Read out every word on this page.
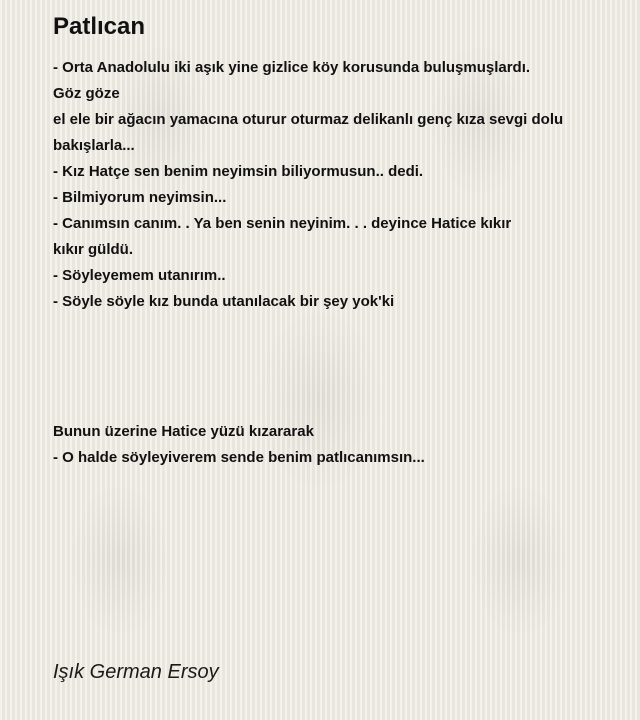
Patlıcan
- Orta Anadolulu iki aşık yine gizlice köy korusunda buluşmuşlardı.
Göz göze
el ele bir ağacın yamacına oturur oturmaz delikanlı genç kıza sevgi dolu
bakışlarla...
- Kız Hatçe sen benim neyimsin biliyormusun.. dedi.
- Bilmiyorum neyimsin...
- Canımsın canım. . Ya ben senin neyinim. . . deyince Hatice kıkır
kıkır güldü.
- Söyleyemem utanırım..
- Söyle söyle kız bunda utanılacak bir şey yok'ki
Bunun üzerine Hatice yüzü kızararak
- O halde söyleyiverem sende benim patlıcanımsın...
Işık German Ersoy
